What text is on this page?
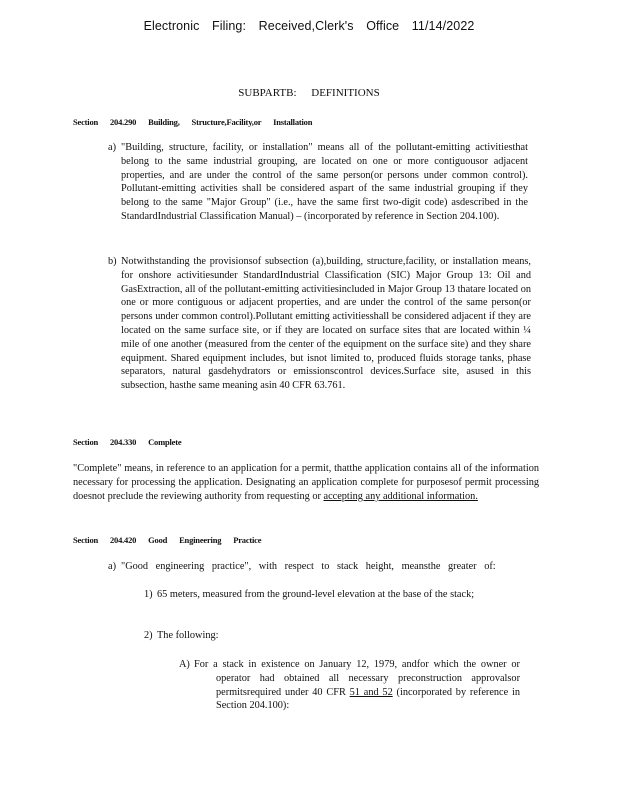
Electronic Filing: Received,Clerk's Office 11/14/2022
SUBPARTB: DEFINITIONS
Section 204.290 Building, Structure,Facility,or Installation
a) "Building, structure, facility, or installation" means all of the pollutant-emitting activitiesthat belong to the same industrial grouping, are located on one or more contiguousor adjacent properties, and are under the control of the same person(or persons under common control). Pollutant-emitting activities shall be considered aspart of the same industrial grouping if they belong to the same "Major Group" (i.e., have the same first two-digit code) asdescribed in the StandardIndustrial Classification Manual) – (incorporated by reference in Section 204.100).
b) Notwithstanding the provisionsof subsection (a),building, structure,facility, or installation means, for onshore activitiesunder StandardIndustrial Classification (SIC) Major Group 13: Oil and GasExtraction, all of the pollutant-emitting activitiesincluded in Major Group 13 thatare located on one or more contiguous or adjacent properties, and are under the control of the same person(or persons under common control).Pollutant emitting activitiesshall be considered adjacent if they are located on the same surface site, or if they are located on surface sites that are located within ¼ mile of one another (measured from the center of the equipment on the surface site) and they share equipment. Shared equipment includes, but isnot limited to, produced fluids storage tanks, phase separators, natural gasdehydrators or emissionscontrol devices.Surface site, asused in this subsection, hasthe same meaning asin 40 CFR 63.761.
Section 204.330 Complete
"Complete" means, in reference to an application for a permit, thatthe application contains all of the information necessary for processing the application. Designating an application complete for purposesof permit processing doesnot preclude the reviewing authority from requesting or accepting any additional information.
Section 204.420 Good Engineering Practice
a) "Good engineering practice", with respect to stack height, meansthe greater of:
1) 65 meters, measured from the ground-level elevation at the base of the stack;
2) The following:
A) For a stack in existence on January 12, 1979, andfor which the owner or operator had obtained all necessary preconstruction approvalsor permitsrequired under 40 CFR 51 and 52 (incorporated by reference in Section 204.100):
